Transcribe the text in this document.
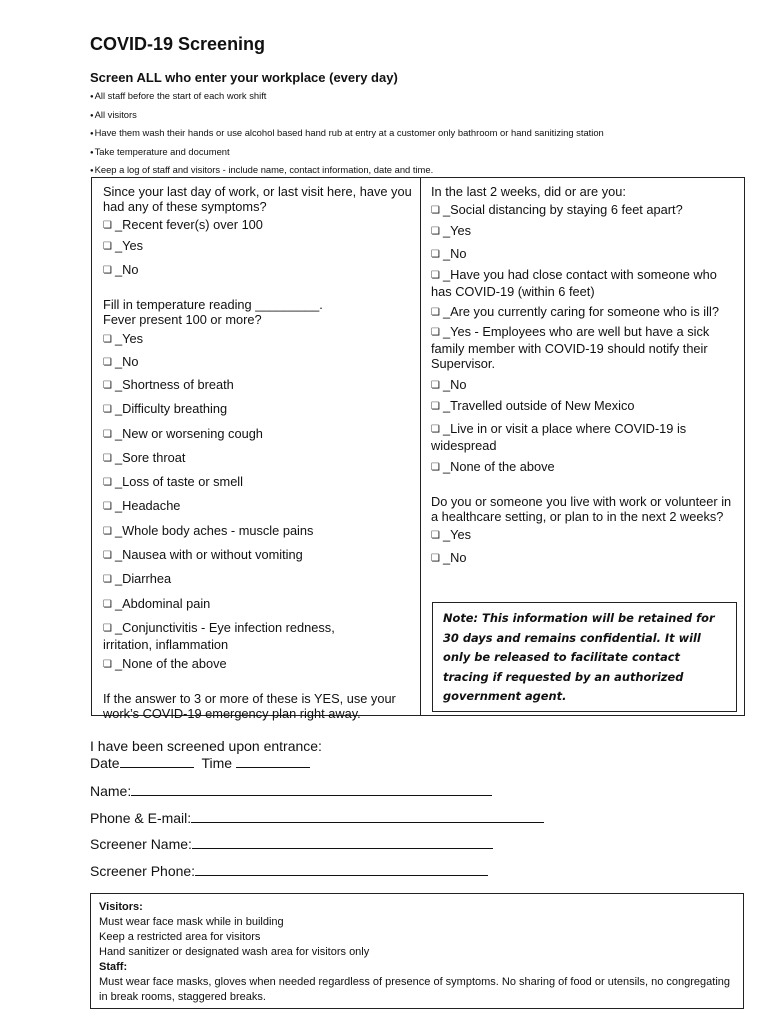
COVID-19 Screening
Screen ALL who enter your workplace (every day)
● All staff before the start of each work shift
● All visitors
● Have them wash their hands or use alcohol based hand rub at entry at a customer only bathroom or hand sanitizing station
● Take temperature and document
● Keep a log of staff and visitors - include name, contact information, date and time.

Since your last day of work, or last visit here, have you had any of these symptoms?

❏ _Recent fever(s) over 100

❏ _Yes

❏ _No

Fill in temperature reading _________. Fever present 100 or more?

❏ _Yes

❏ _No

❏ _Shortness of breath

❏ _Difficulty breathing

❏ _New or worsening cough

❏ _Sore throat

❏ _Loss of taste or smell

❏ _Headache

❏ _Whole body aches - muscle pains

❏ _Nausea with or without vomiting

❏ _Diarrhea

❏ _Abdominal pain

❏ _Conjunctivitis - Eye infection redness, irritation, inflammation

❏ _None of the above

If the answer to 3 or more of these is YES, use your work’s COVID-19 emergency plan right away.

In the last 2 weeks, did or are you:

❏ _Social distancing by staying 6 feet apart?

❏ _Yes

❏ _No

❏ _Have you had close contact with someone who has COVID-19 (within 6 feet)

❏ _Are you currently caring for someone who is ill?

❏ _Yes - Employees who are well but have a sick family member with COVID-19 should notify their Supervisor.

❏ _No

❏ _Travelled outside of New Mexico

❏ _Live in or visit a place where COVID-19 is widespread

❏ _None of the above

Do you or someone you live with work or volunteer in a healthcare setting, or plan to in the next 2 weeks?

❏ _Yes

❏ _No

Note: This information will be retained for 30 days and remains confidential. It will only be released to facilitate contact tracing if requested by an authorized government agent.
I have been screened upon entrance:
Date	Time
Name:
Phone & E-mail:
Screener Name:
Screener Phone:
Visitors:
Must wear face mask while in building
Keep a restricted area for visitors
Hand sanitizer or designated wash area for visitors only
Staff:
Must wear face masks, gloves when needed regardless of presence of symptoms. No sharing of food or utensils, no congregating in break rooms, staggered breaks.
